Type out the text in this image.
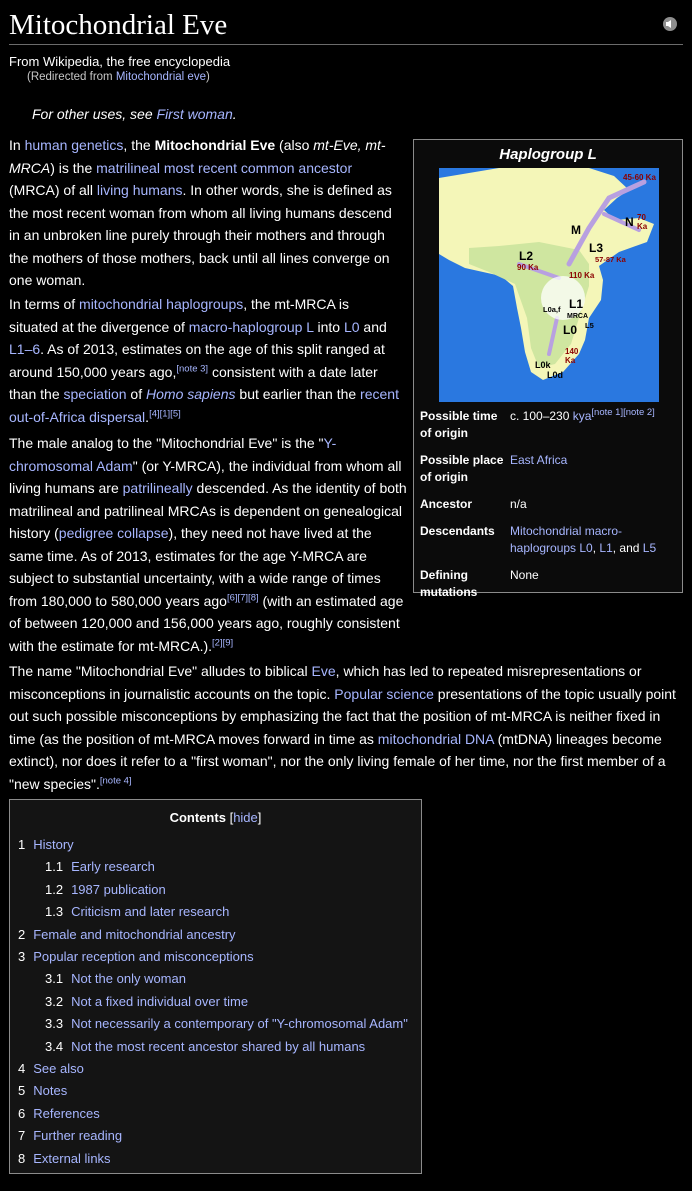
Mitochondrial Eve
From Wikipedia, the free encyclopedia
(Redirected from Mitochondrial eve)
For other uses, see First woman.

In human genetics, the Mitochondrial Eve (also mt-Eve, mt-MRCA) is the matrilineal most recent common ancestor (MRCA) of all living humans. In other words, she is defined as the most recent woman from whom all living humans descend in an unbroken line purely through their mothers and through the mothers of those mothers, back until all lines converge on one woman.

In terms of mitochondrial haplogroups, the mt-MRCA is situated at the divergence of macro-haplogroup L into L0 and L1–6. As of 2013, estimates on the age of this split ranged at around 150,000 years ago,[note 3] consistent with a date later than the speciation of Homo sapiens but earlier than the recent out-of-Africa dispersal.[4][1][5]

The male analog to the "Mitochondrial Eve" is the "Y-chromosomal Adam" (or Y-MRCA), the individual from whom all living humans are patrilineally descended. As the identity of both matrilineal and patrilineal MRCAs is dependent on genealogical history (pedigree collapse), they need not have lived at the same time. As of 2013, estimates for the age Y-MRCA are subject to substantial uncertainty, with a wide range of times from 180,000 to 580,000 years ago[6][7][8] (with an estimated age of between 120,000 and 156,000 years ago, roughly consistent with the estimate for mt-MRCA.).[2][9]

Haplogroup L
45-60 Ka
M
N 70
Ka
L3
57-87 Ka
L2
90 Ka
110 Ka
L0a,f L1
MRCA
L0 L5
140
Ka
L0k
L0d
Possible time of origin
c. 100–230 kya[note 1][note 2]
Possible place of origin
East Africa
Ancestor	n/a
Descendants	Mitochondrial macro-haplogroups L0, L1, and L5
Defining mutations
None

The name "Mitochondrial Eve" alludes to biblical Eve, which has led to repeated misrepresentations or misconceptions in journalistic accounts on the topic. Popular science presentations of the topic usually point out such possible misconceptions by emphasizing the fact that the position of mt-MRCA is neither fixed in time (as the position of mt-MRCA moves forward in time as mitochondrial DNA (mtDNA) lineages become extinct), nor does it refer to a "first woman", nor the only living female of her time, nor the first member of a "new species".[note 4]

Contents [hide]
1 History
1.1 Early research
1.2 1987 publication
1.3 Criticism and later research
2 Female and mitochondrial ancestry
3 Popular reception and misconceptions
3.1 Not the only woman
3.2 Not a fixed individual over time
3.3 Not necessarily a contemporary of "Y-chromosomal Adam"
3.4 Not the most recent ancestor shared by all humans
4 See also
5 Notes
6 References
7 Further reading
8 External links
